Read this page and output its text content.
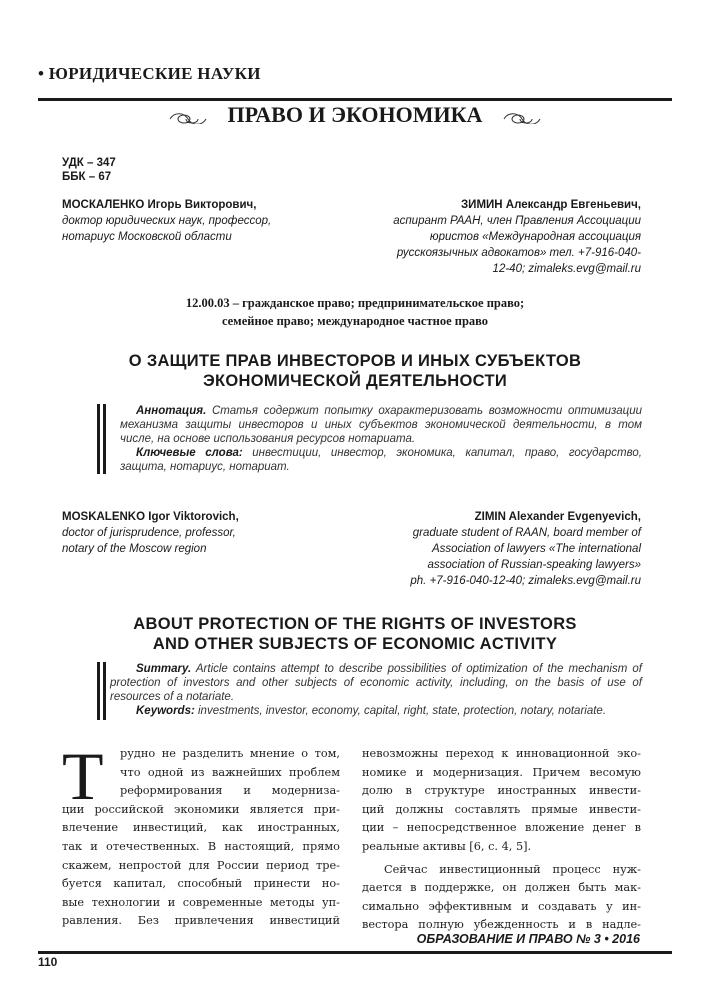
• ЮРИДИЧЕСКИЕ НАУКИ
ПРАВО И ЭКОНОМИКА
УДК – 347
ББК – 67
МОСКАЛЕНКО Игорь Викторович,
доктор юридических наук, профессор,
нотариус Московской области
ЗИМИН Александр Евгеньевич,
аспирант РААН, член Правления Ассоциации
юристов «Международная ассоциация
русскоязычных адвокатов» тел. +7-916-040-
12-40; zimaleks.evg@mail.ru
12.00.03 – гражданское право; предпринимательское право;
семейное право; международное частное право
О ЗАЩИТЕ ПРАВ ИНВЕСТОРОВ И ИНЫХ СУБЪЕКТОВ
ЭКОНОМИЧЕСКОЙ ДЕЯТЕЛЬНОСТИ
Аннотация. Статья содержит попытку охарактеризовать возможности оптимизации механизма защиты инвесторов и иных субъектов экономической деятельности, в том числе, на основе использования ресурсов нотариата.
Ключевые слова: инвестиции, инвестор, экономика, капитал, право, государство, защита, нотариус, нотариат.
MOSKALENKO Igor Viktorovich,
doctor of jurisprudence, professor,
notary of the Moscow region
ZIMIN Alexander Evgenyevich,
graduate student of RAAN, board member of
Association of lawyers «The international
association of Russian-speaking lawyers»
ph. +7-916-040-12-40; zimaleks.evg@mail.ru
ABOUT PROTECTION OF THE RIGHTS OF INVESTORS
AND OTHER SUBJECTS OF ECONOMIC ACTIVITY
Summary. Article contains attempt to describe possibilities of optimization of the mechanism of protection of investors and other subjects of economic activity, including, on the basis of use of resources of a notariate.
Keywords: investments, investor, economy, capital, right, state, protection, notary, notariate.
Т	рудно не разделить мнение о том,
что одной из важнейших проблем
реформирования и модерниза-
ции российской экономики является при-
влечение инвестиций, как иностранных,
так и отечественных. В настоящий, прямо
скажем, непростой для России период тре-
буется капитал, способный принести но-
вые технологии и современные методы уп-
равления. Без привлечения инвестиций
невозможны переход к инновационной эко-
номике и модернизация. Причем весомую
долю в структуре иностранных инвести-
ций должны составлять прямые инвести-
ции – непосредственное вложение денег в
реальные активы [6, с. 4, 5].
Сейчас инвестиционный процесс нуж-
дается в поддержке, он должен быть мак-
симально эффективным и создавать у ин-
вестора полную убежденность и в надле-
ОБРАЗОВАНИЕ И ПРАВО № 3 • 2016
110
